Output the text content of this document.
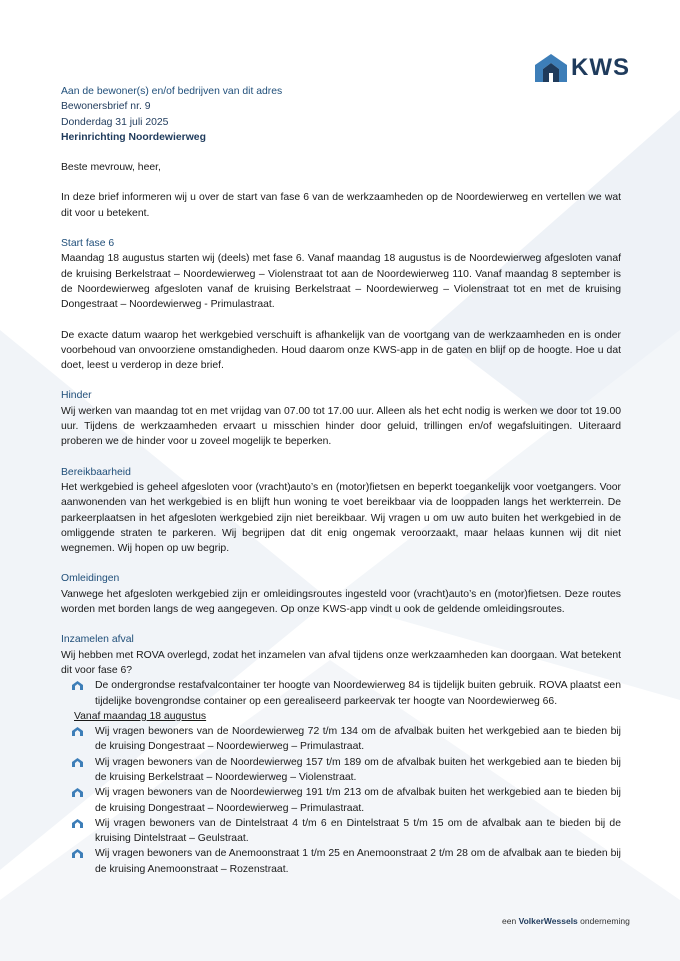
KWS
Aan de bewoner(s) en/of bedrijven van dit adres
Bewonersbrief nr. 9
Donderdag 31 juli 2025
Herinrichting Noordewierweg
Beste mevrouw, heer,

In deze brief informeren wij u over de start van fase 6 van de werkzaamheden op de Noordewierweg en vertellen we wat dit voor u betekent.

Start fase 6

Maandag 18 augustus starten wij (deels) met fase 6. Vanaf maandag 18 augustus is de Noordewierweg afgesloten vanaf de kruising Berkelstraat – Noordewierweg – Violenstraat tot aan de Noordewierweg 110. Vanaf maandag 8 september is de Noordewierweg afgesloten vanaf de kruising Berkelstraat – Noordewierweg – Violenstraat tot en met de kruising Dongestraat – Noordewierweg - Primulastraat.

De exacte datum waarop het werkgebied verschuift is afhankelijk van de voortgang van de werkzaamheden en is onder voorbehoud van onvoorziene omstandigheden. Houd daarom onze KWS-app in de gaten en blijf op de hoogte. Hoe u dat doet, leest u verderop in deze brief.

Hinder

Wij werken van maandag tot en met vrijdag van 07.00 tot 17.00 uur. Alleen als het echt nodig is werken we door tot 19.00 uur. Tijdens de werkzaamheden ervaart u misschien hinder door geluid, trillingen en/of wegafsluitingen. Uiteraard proberen we de hinder voor u zoveel mogelijk te beperken.

Bereikbaarheid

Het werkgebied is geheel afgesloten voor (vracht)auto’s en (motor)fietsen en beperkt toegankelijk voor voetgangers. Voor aanwonenden van het werkgebied is en blijft hun woning te voet bereikbaar via de looppaden langs het werkterrein. De parkeerplaatsen in het afgesloten werkgebied zijn niet bereikbaar. Wij vragen u om uw auto buiten het werkgebied in de omliggende straten te parkeren. Wij begrijpen dat dit enig ongemak veroorzaakt, maar helaas kunnen wij dit niet wegnemen. Wij hopen op uw begrip.

Omleidingen

Vanwege het afgesloten werkgebied zijn er omleidingsroutes ingesteld voor (vracht)auto’s en (motor)fietsen. Deze routes worden met borden langs de weg aangegeven. Op onze KWS-app vindt u ook de geldende omleidingsroutes.

Inzamelen afval

Wij hebben met ROVA overlegd, zodat het inzamelen van afval tijdens onze werkzaamheden kan doorgaan. Wat betekent dit voor fase 6?

De ondergrondse restafvalcontainer ter hoogte van Noordewierweg 84 is tijdelijk buiten gebruik. ROVA plaatst een tijdelijke bovengrondse container op een gerealiseerd parkeervak ter hoogte van Noordewierweg 66.
Vanaf maandag 18 augustus
Wij vragen bewoners van de Noordewierweg 72 t/m 134 om de afvalbak buiten het werkgebied aan te bieden bij de kruising Dongestraat – Noordewierweg – Primulastraat.
Wij vragen bewoners van de Noordewierweg 157 t/m 189 om de afvalbak buiten het werkgebied aan te bieden bij de kruising Berkelstraat – Noordewierweg – Violenstraat.
Wij vragen bewoners van de Noordewierweg 191 t/m 213 om de afvalbak buiten het werkgebied aan te bieden bij de kruising Dongestraat – Noordewierweg – Primulastraat.
Wij vragen bewoners van de Dintelstraat 4 t/m 6 en Dintelstraat 5 t/m 15 om de afvalbak aan te bieden bij de kruising Dintelstraat – Geulstraat.
Wij vragen bewoners van de Anemoonstraat 1 t/m 25 en Anemoonstraat 2 t/m 28 om de afvalbak aan te bieden bij de kruising Anemoonstraat – Rozenstraat.
een VolkerWessels onderneming
